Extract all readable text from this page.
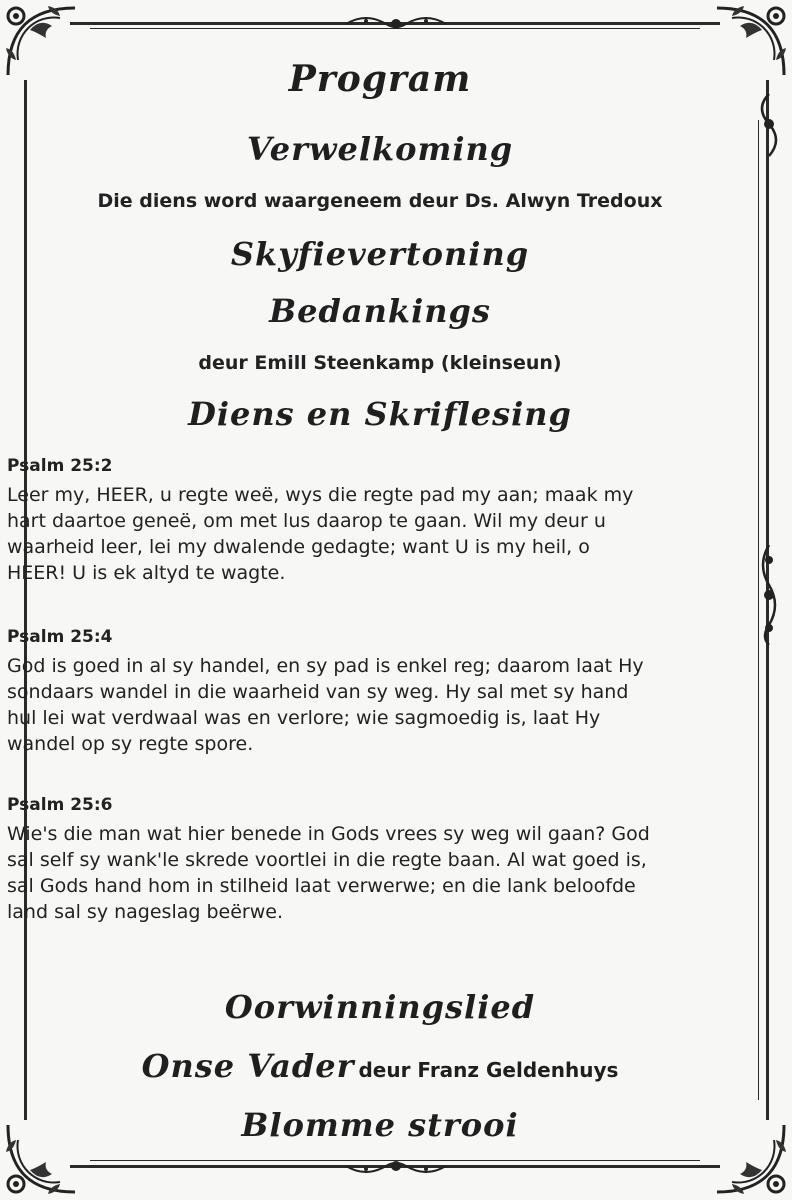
Program
Verwelkoming
Die diens word waargeneem deur Ds. Alwyn Tredoux
Skyfievertoning
Bedankings
deur Emill Steenkamp (kleinseun)
Diens en Skriflesing
Psalm 25:2
Leer my, HEER, u regte weë, wys die regte pad my aan; maak my
hart daartoe geneë, om met lus daarop te gaan. Wil my deur u
waarheid leer, lei my dwalende gedagte; want U is my heil, o
HEER! U is ek altyd te wagte.
Psalm 25:4
God is goed in al sy handel, en sy pad is enkel reg; daarom laat Hy
sondaars wandel in die waarheid van sy weg. Hy sal met sy hand
hul lei wat verdwaal was en verlore; wie sagmoedig is, laat Hy
wandel op sy regte spore.
Psalm 25:6
Wie's die man wat hier benede in Gods vrees sy weg wil gaan? God
sal self sy wank'le skrede voortlei in die regte baan. Al wat goed is,
sal Gods hand hom in stilheid laat verwerwe; en die lank beloofde
land sal sy nageslag beërwe.
Oorwinningslied
Onse Vader deur Franz Geldenhuys
Blomme strooi
